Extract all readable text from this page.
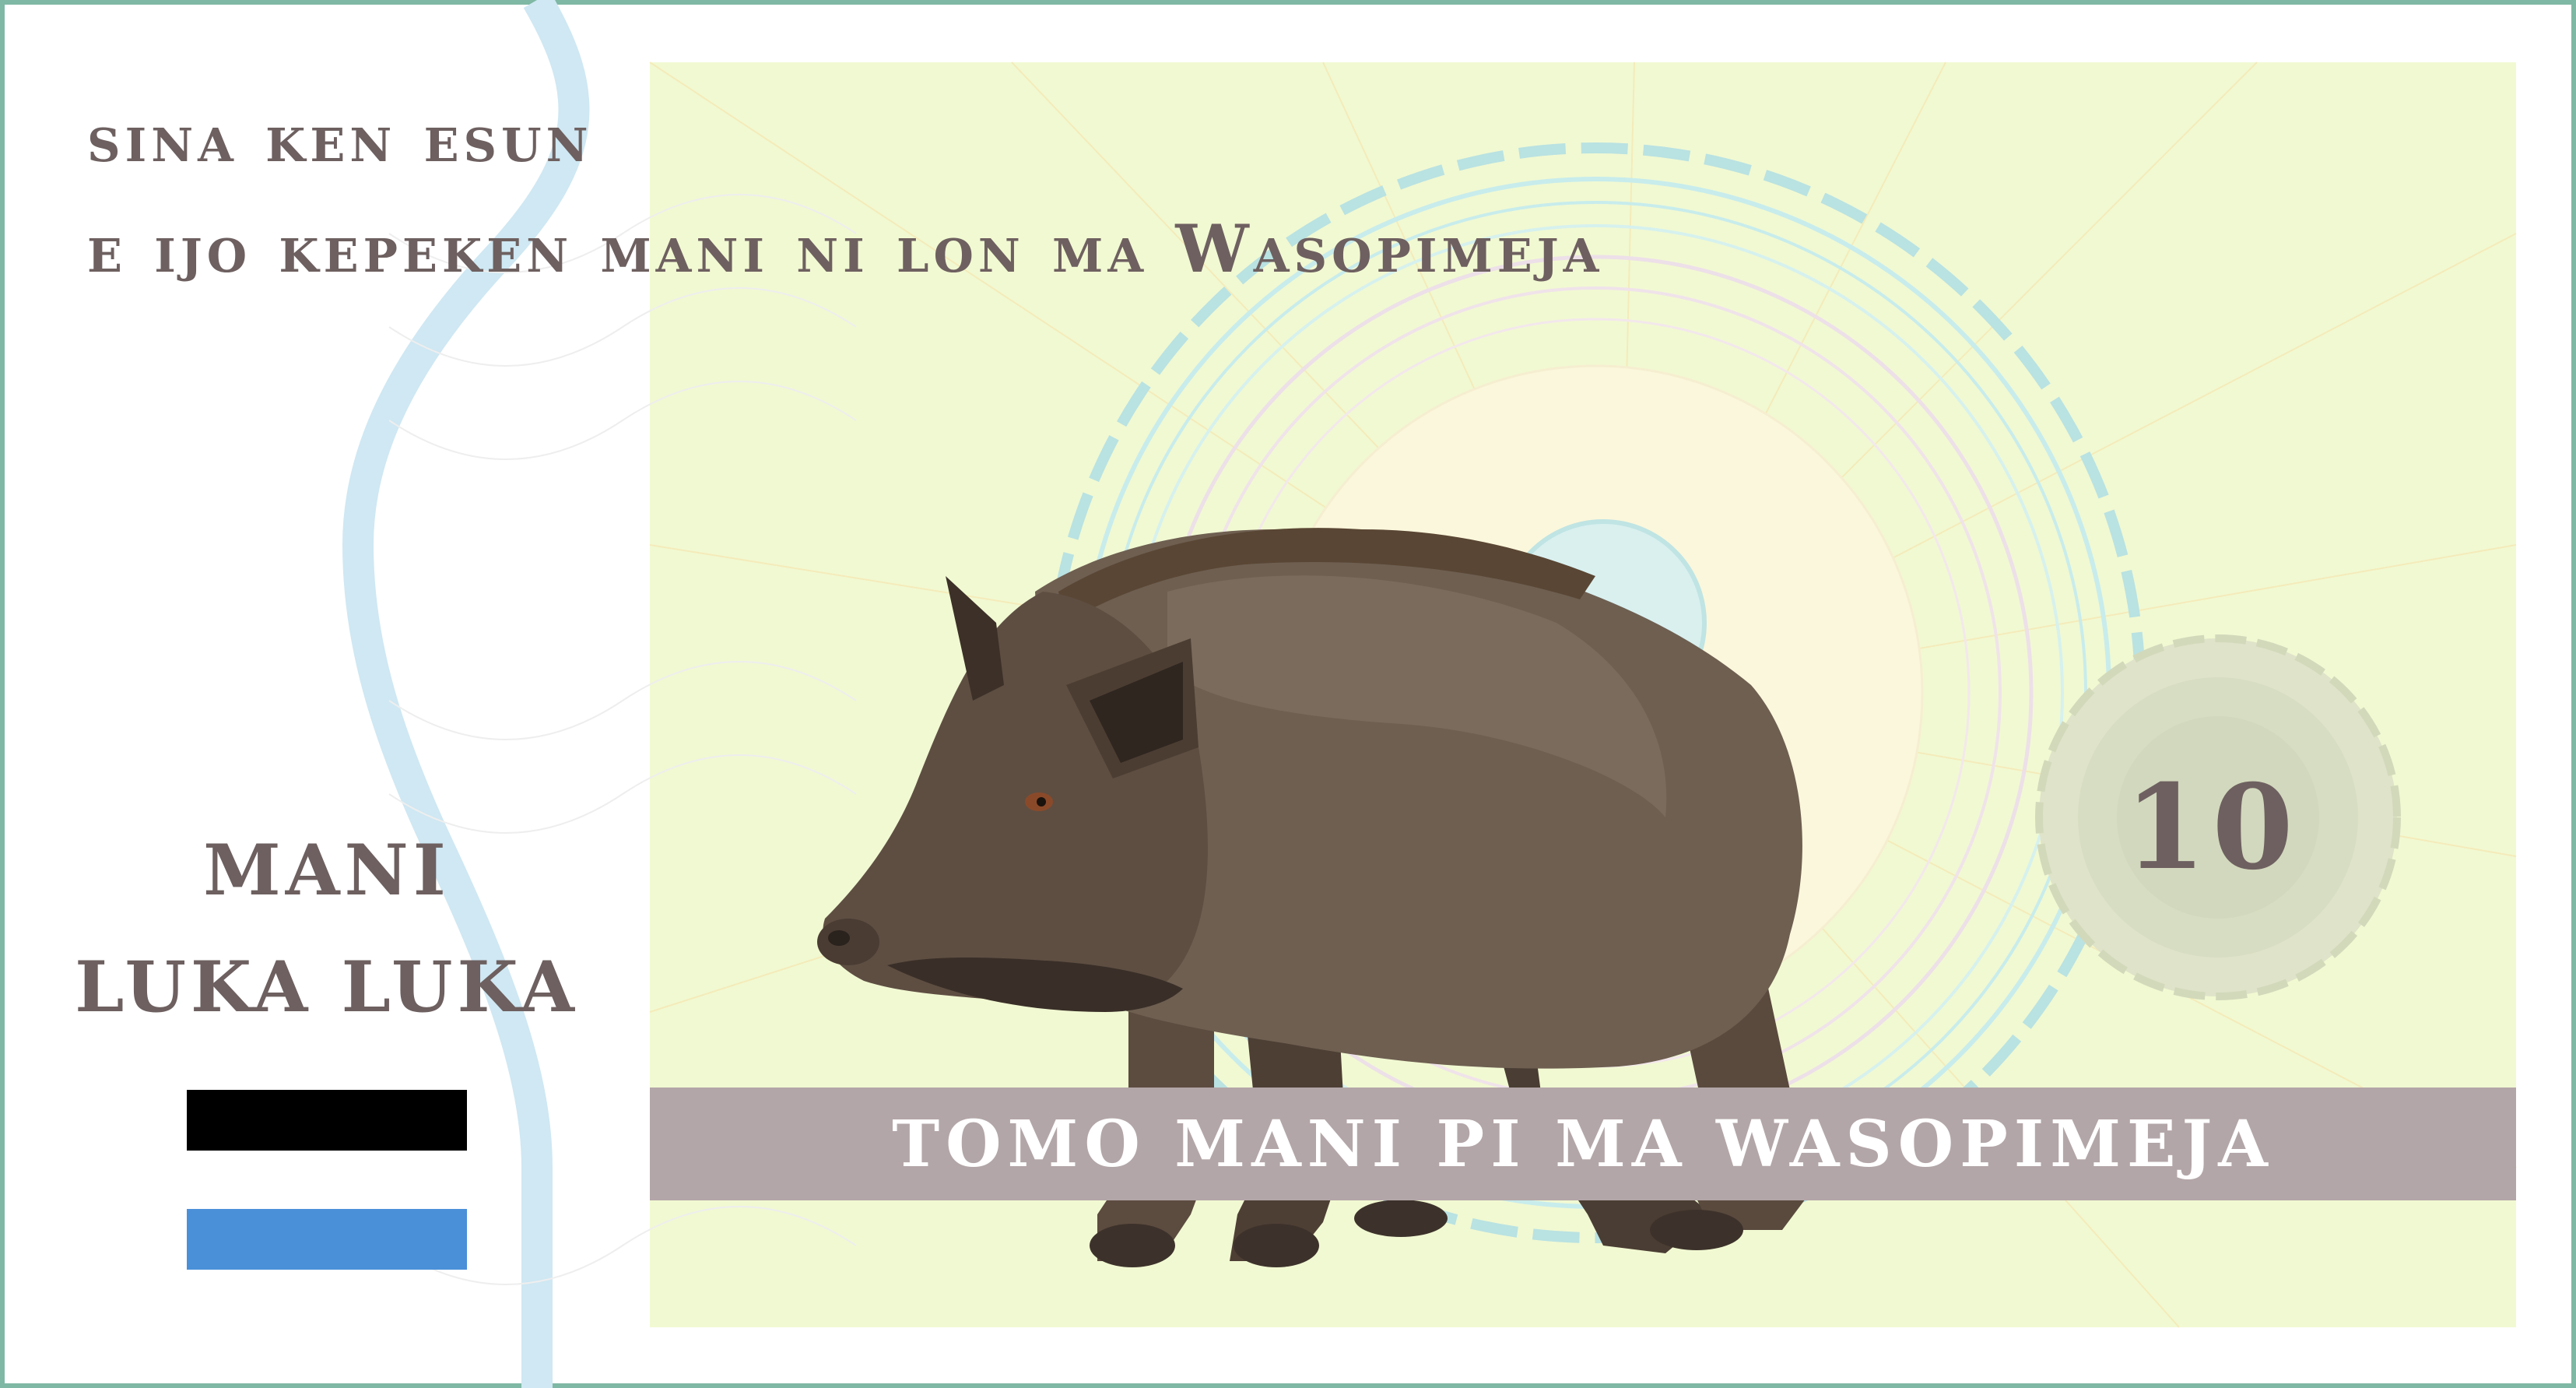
sina ken esun
e ijo kepeken mani ni lon ma Wasopimeja
MANI
LUKA LUKA
10
TOMO MANI PI MA WASOPIMEJA
